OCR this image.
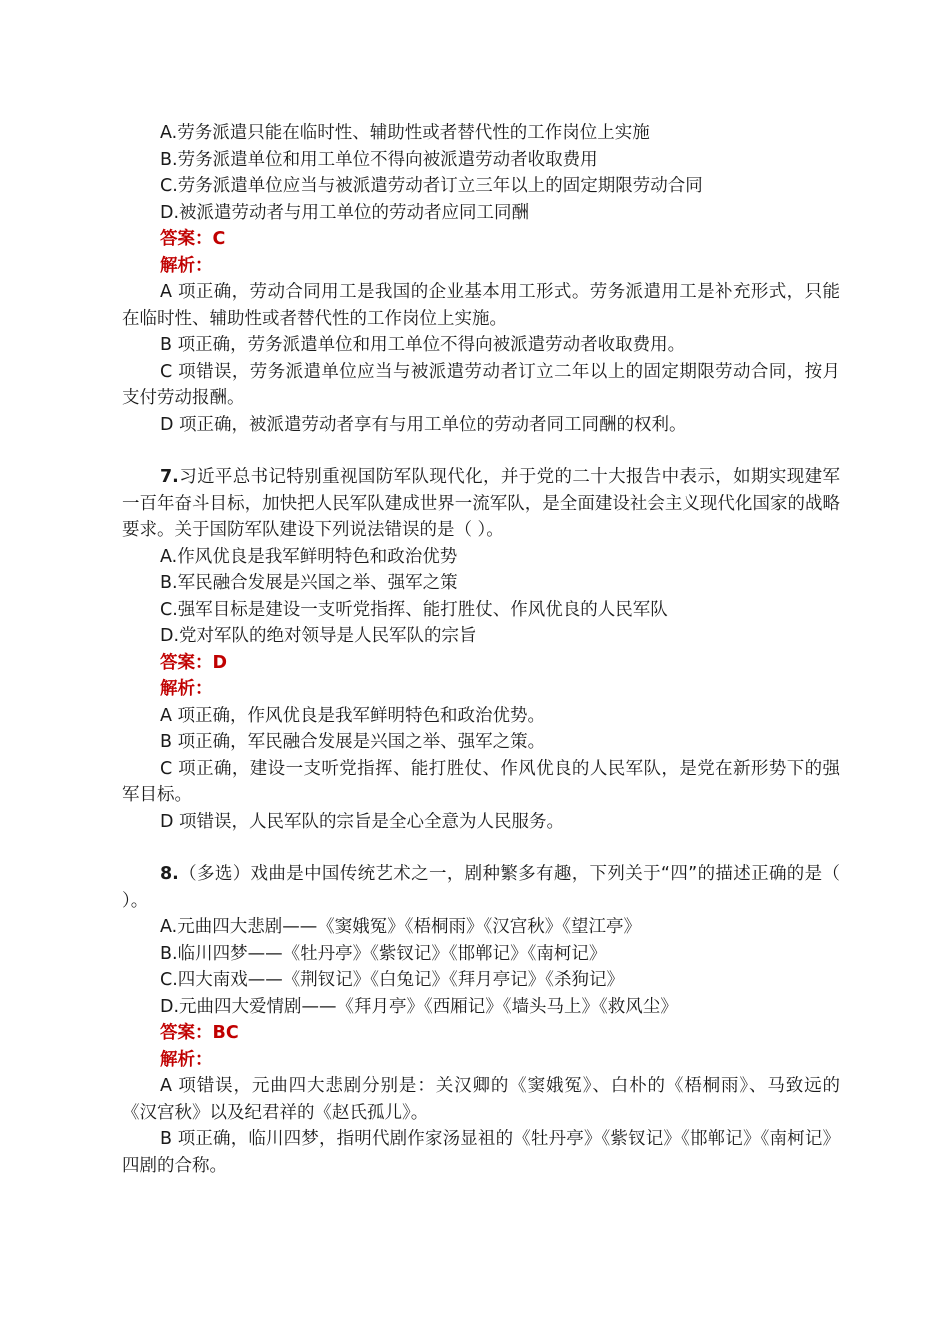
A.劳务派遣只能在临时性、辅助性或者替代性的工作岗位上实施
B.劳务派遣单位和用工单位不得向被派遣劳动者收取费用
C.劳务派遣单位应当与被派遣劳动者订立三年以上的固定期限劳动合同
D.被派遣劳动者与用工单位的劳动者应同工同酬
答案：C
解析：
A 项正确，劳动合同用工是我国的企业基本用工形式。劳务派遣用工是补充形式，只能在临时性、辅助性或者替代性的工作岗位上实施。
B 项正确，劳务派遣单位和用工单位不得向被派遣劳动者收取费用。
C 项错误，劳务派遣单位应当与被派遣劳动者订立二年以上的固定期限劳动合同，按月支付劳动报酬。
D 项正确，被派遣劳动者享有与用工单位的劳动者同工同酬的权利。
7.习近平总书记特别重视国防军队现代化，并于党的二十大报告中表示，如期实现建军一百年奋斗目标，加快把人民军队建成世界一流军队，是全面建设社会主义现代化国家的战略要求。关于国防军队建设下列说法错误的是（ ）。
A.作风优良是我军鲜明特色和政治优势
B.军民融合发展是兴国之举、强军之策
C.强军目标是建设一支听党指挥、能打胜仗、作风优良的人民军队
D.党对军队的绝对领导是人民军队的宗旨
答案：D
解析：
A 项正确，作风优良是我军鲜明特色和政治优势。
B 项正确，军民融合发展是兴国之举、强军之策。
C 项正确，建设一支听党指挥、能打胜仗、作风优良的人民军队，是党在新形势下的强军目标。
D 项错误，人民军队的宗旨是全心全意为人民服务。
8.（多选）戏曲是中国传统艺术之一，剧种繁多有趣，下列关于“四”的描述正确的是（ ）。
A.元曲四大悲剧——《窦娥冤》《梧桐雨》《汉宫秋》《望江亭》
B.临川四梦——《牡丹亭》《紫钗记》《邯郸记》《南柯记》
C.四大南戏——《荆钗记》《白兔记》《拜月亭记》《杀狗记》
D.元曲四大爱情剧——《拜月亭》《西厢记》《墙头马上》《救风尘》
答案：BC
解析：
A 项错误，元曲四大悲剧分别是：关汉卿的《窦娥冤》、白朴的《梧桐雨》、马致远的《汉宫秋》以及纪君祥的《赵氏孤儿》。
B 项正确，临川四梦，指明代剧作家汤显祖的《牡丹亭》《紫钗记》《邯郸记》《南柯记》四剧的合称。
